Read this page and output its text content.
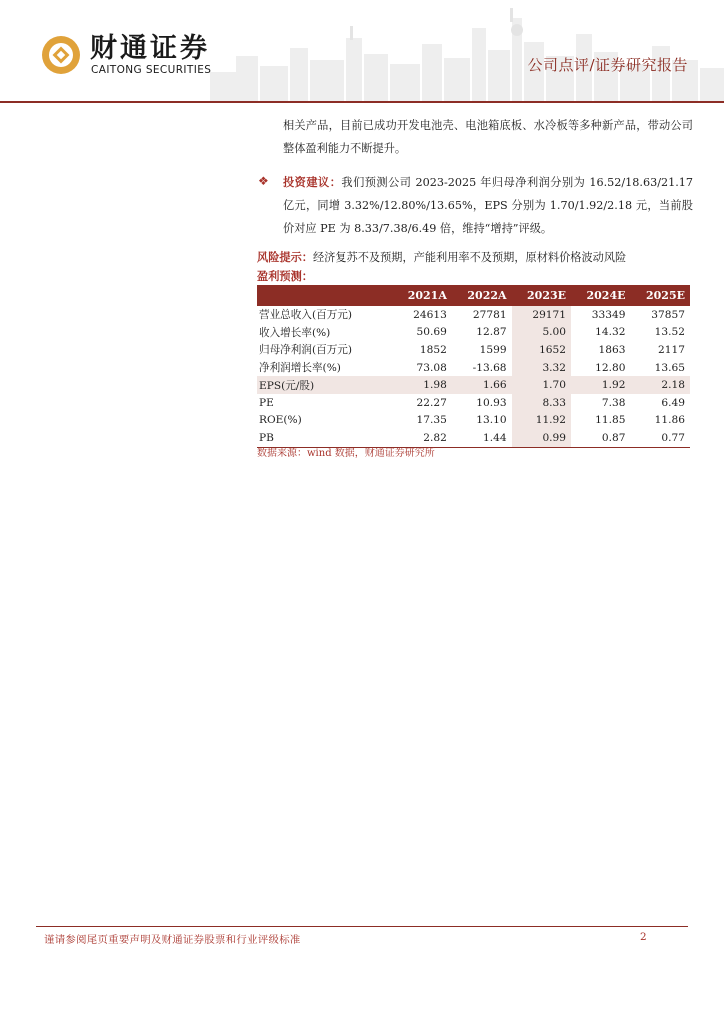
财通证券
CAITONG SECURITIES	公司点评/证券研究报告
相关产品，目前已成功开发电池壳、电池箱底板、水冷板等多种新产品，带动公司整体盈利能力不断提升。
❖ 投资建议：我们预测公司 2023-2025 年归母净利润分别为 16.52/18.63/21.17 亿元，同增 3.32%/12.80%/13.65%，EPS 分别为 1.70/1.92/2.18 元，当前股价对应 PE 为 8.33/7.38/6.49 倍，维持“增持”评级。
风险提示：经济复苏不及预期，产能利用率不及预期，原材料价格波动风险
盈利预测：
	2021A	2022A	2023E	2024E	2025E
营业总收入(百万元)	24613	27781	29171	33349	37857
收入增长率(%)	50.69	12.87	5.00	14.32	13.52
归母净利润(百万元)	1852	1599	1652	1863	2117
净利润增长率(%)	73.08	-13.68	3.32	12.80	13.65
EPS(元/股)	1.98	1.66	1.70	1.92	2.18
PE	22.27	10.93	8.33	7.38	6.49
ROE(%)	17.35	13.10	11.92	11.85	11.86
PB	2.82	1.44	0.99	0.87	0.77
数据来源：wind 数据，财通证券研究所
谨请参阅尾页重要声明及财通证券股票和行业评级标准	2
